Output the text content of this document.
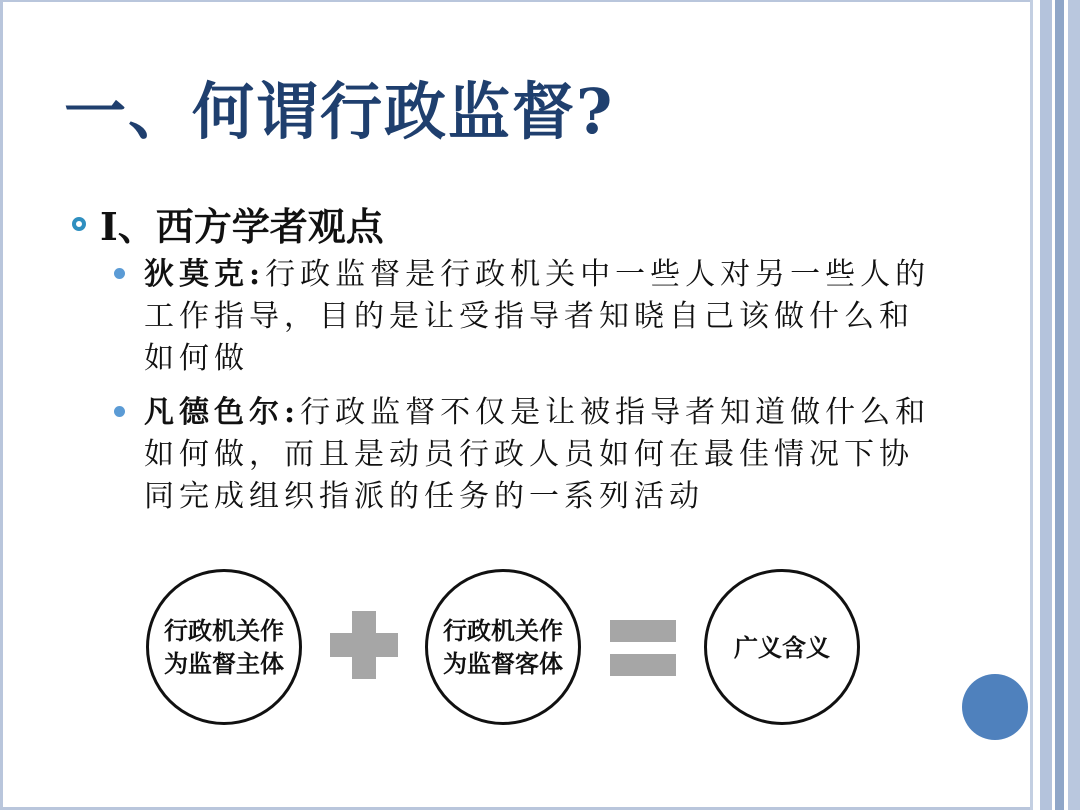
一、何谓行政监督?
I、西方学者观点
狄莫克:行政监督是行政机关中一些人对另一些人的工作指导，目的是让受指导者知晓自己该做什么和如何做
凡德色尔:行政监督不仅是让被指导者知道做什么和如何做，而且是动员行政人员如何在最佳情况下协同完成组织指派的任务的一系列活动
行政机关作为监督主体
行政机关作为监督客体
广义含义
